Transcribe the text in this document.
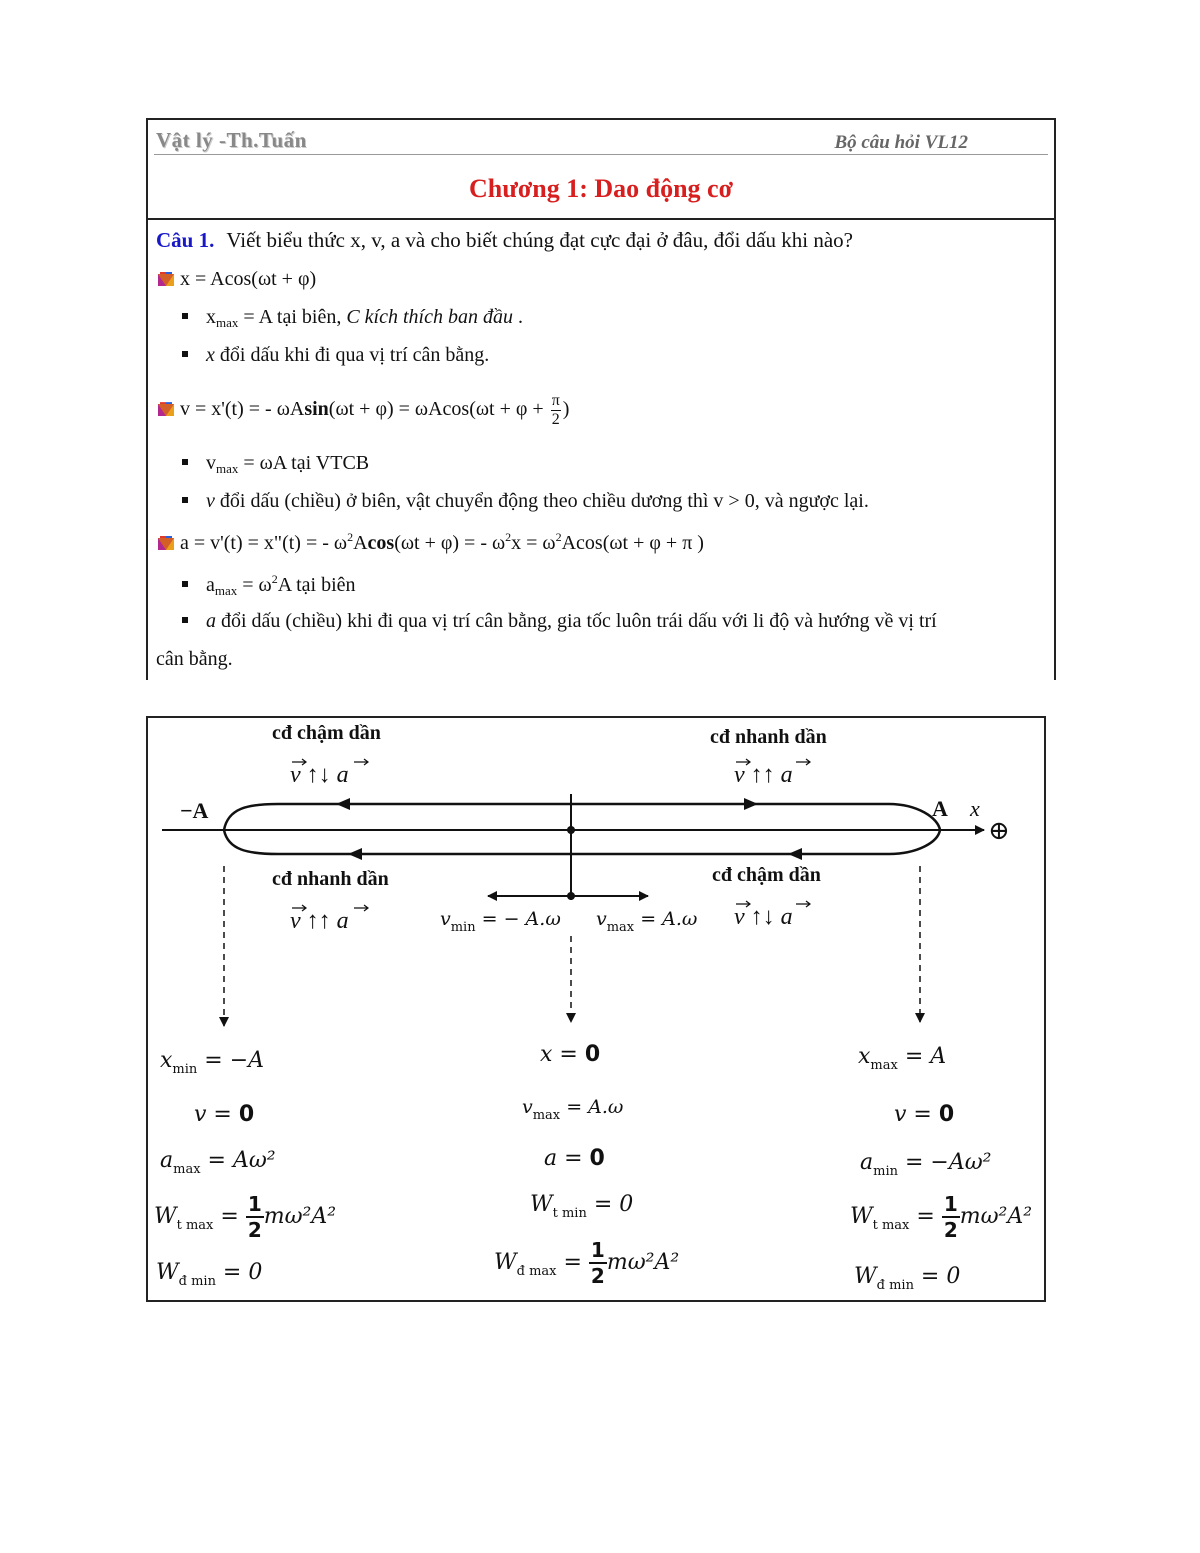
Vật lý -Th.Tuấn	Bộ câu hỏi VL12
Chương 1: Dao động cơ
Câu 1. Viết biểu thức x, v, a và cho biết chúng đạt cực đại ở đâu, đổi dấu khi nào?
x = Acos(ωt + φ)
$x_{max} = A$ tại biên, C kích thích ban đầu .
x đổi dấu khi đi qua vị trí cân bằng.
v = x'(t) = - $\omega Asin(\omega t + \varphi) = \omega Acos(\omega t + \varphi + \frac{\pi}{2}$ )
$v_{max} = \omega A$ tại VTCB
v đổi dấu (chiều) ở biên, vật chuyển động theo chiều dương thì v > 0, và ngược lại.
a = v'(t) = x"(t) = - $\omega^2Acos(\omega t + \varphi)$ = - $\omega^2x = \omega^2Acos(\omega t + \varphi + \pi$ )
$a_{max} = \omega^2A$ tại biên
a đổi dấu (chiều) khi đi qua vị trí cân bằng, gia tốc luôn trái dấu với li độ và hướng về vị trí
cân bằng.
cđ chậm dần
v ↑↓ a
cđ nhanh dần
v ↑↑ a
−A	A x
⊕
cđ nhanh dần
v ↑↑ a
cđ chậm dần
v ↑↓ a
$v_{min}$ = − A.ω $v_{max} = A.\omega$
$x_{min} = -A$
v = 0
$a_{max} = A\omega^2$
$W_{t max} = \frac{1}{2} m\omega^2A^2$
$W_{đ min} = 0$
x = 0
$v_{max} = A.\omega$
a = 0
$W_{t min} = 0$
$W_{đ max} = \frac{1}{2} m\omega^2A^2$
$x_{max} = A$
v = 0
$a_{min} = -A\omega^2$
$W_{t max} = \frac{1}{2} m\omega^2A^2$
$W_{đ min} = 0$
